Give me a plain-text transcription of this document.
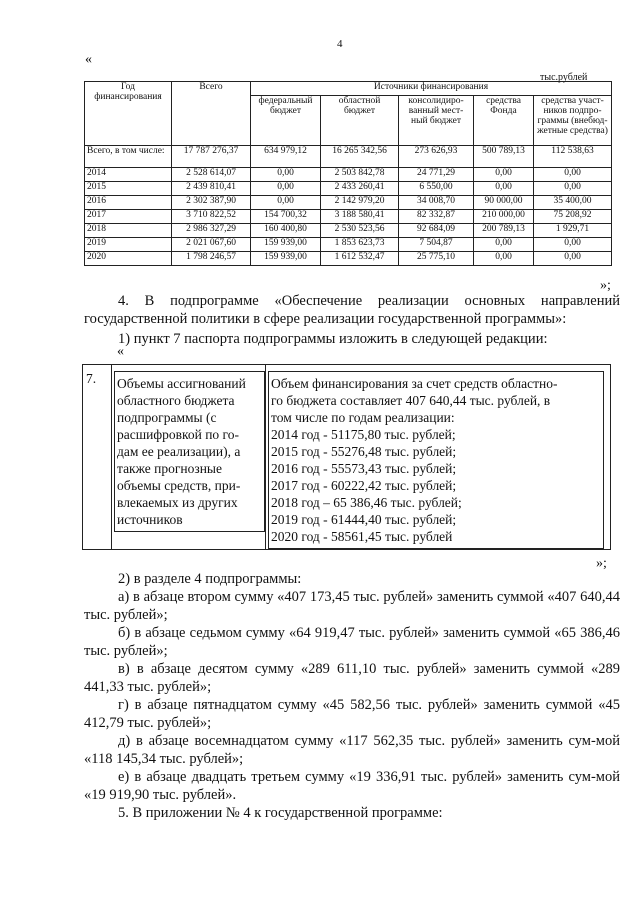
4
«
тыс.рублей
Год финансирования	Всего	Источники финансирования				
		федеральный бюджет	областной бюджет	консолидиро-ванный мест-ный бюджет	средства Фонда	средства участ-ников подпро-граммы (внебюд-жетные средства)
Всего, в том числе:	17 787 276,37	634 979,12	16 265 342,56	273 626,93	500 789,13	112 538,63
2014	2 528 614,07	0,00	2 503 842,78	24 771,29	0,00	0,00
2015	2 439 810,41	0,00	2 433 260,41	6 550,00	0,00	0,00
2016	2 302 387,90	0,00	2 142 979,20	34 008,70	90 000,00	35 400,00
2017	3 710 822,52	154 700,32	3 188 580,41	82 332,87	210 000,00	75 208,92
2018	2 986 327,29	160 400,80	2 530 523,56	92 684,09	200 789,13	1 929,71
2019	2 021 067,60	159 939,00	1 853 623,73	7 504,87	0,00	0,00
2020	1 798 246,57	159 939,00	1 612 532,47	25 775,10	0,00	0,00
»;
4. В подпрограмме «Обеспечение реализации основных направлений государственной политики в сфере реализации государственной программы»:
1) пункт 7 паспорта подпрограммы изложить в следующей редакции:
«
7.	Объемы ассигнований
областного бюджета
подпрограммы (с
расшифровкой по го-
дам ее реализации), а
также прогнозные
объемы средств, при-
влекаемых из других
источников

Объем финансирования за счет средств областно-
го бюджета составляет 407 640,44 тыс. рублей, в
том числе по годам реализации:
2014 год - 51175,80 тыс. рублей;
2015 год - 55276,48 тыс. рублей;
2016 год - 55573,43 тыс. рублей;
2017 год - 60222,42 тыс. рублей;
2018 год – 65 386,46 тыс. рублей;
2019 год - 61444,40 тыс. рублей;
2020 год - 58561,45 тыс. рублей
»;
2) в разделе 4 подпрограммы:
а) в абзаце втором сумму «407 173,45 тыс. рублей» заменить суммой «407 640,44 тыс. рублей»;
б) в абзаце седьмом сумму «64 919,47 тыс. рублей» заменить суммой «65 386,46 тыс. рублей»;
в) в абзаце десятом сумму «289 611,10 тыс. рублей» заменить суммой «289 441,33 тыс. рублей»;
г) в абзаце пятнадцатом сумму «45 582,56 тыс. рублей» заменить суммой «45 412,79 тыс. рублей»;
д) в абзаце восемнадцатом сумму «117 562,35 тыс. рублей» заменить сум-мой «118 145,34 тыс. рублей»;
е) в абзаце двадцать третьем сумму «19 336,91 тыс. рублей» заменить сум-мой «19 919,90 тыс. рублей».
5. В приложении № 4 к государственной программе:
